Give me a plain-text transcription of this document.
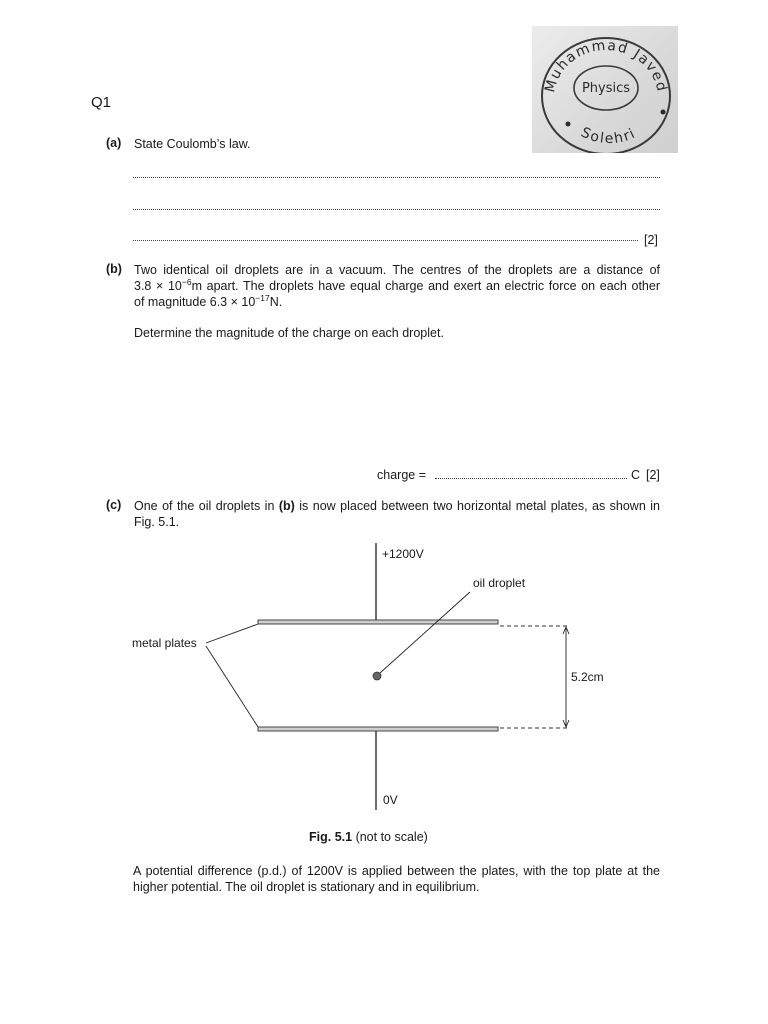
Q1
Muhammad Javed
Physics
Solehri
(a) State Coulomb’s law.
[2]
(b) Two identical oil droplets are in a vacuum. The centres of the droplets are a distance of
$3.8 \times 10^{-6}m$ apart. The droplets have equal charge and exert an electric force on each other
of magnitude $6.3 \times 10^{-17}N$.
Determine the magnitude of the charge on each droplet.
charge =	C [2]
(c) One of the oil droplets in (b) is now placed between two horizontal metal plates, as shown in
Fig. 5.1.
+1200V
oil droplet
metal plates
5.2cm
0V
Fig. 5.1 (not to scale)
A potential difference (p.d.) of 1200V is applied between the plates, with the top plate at the
higher potential. The oil droplet is stationary and in equilibrium.
